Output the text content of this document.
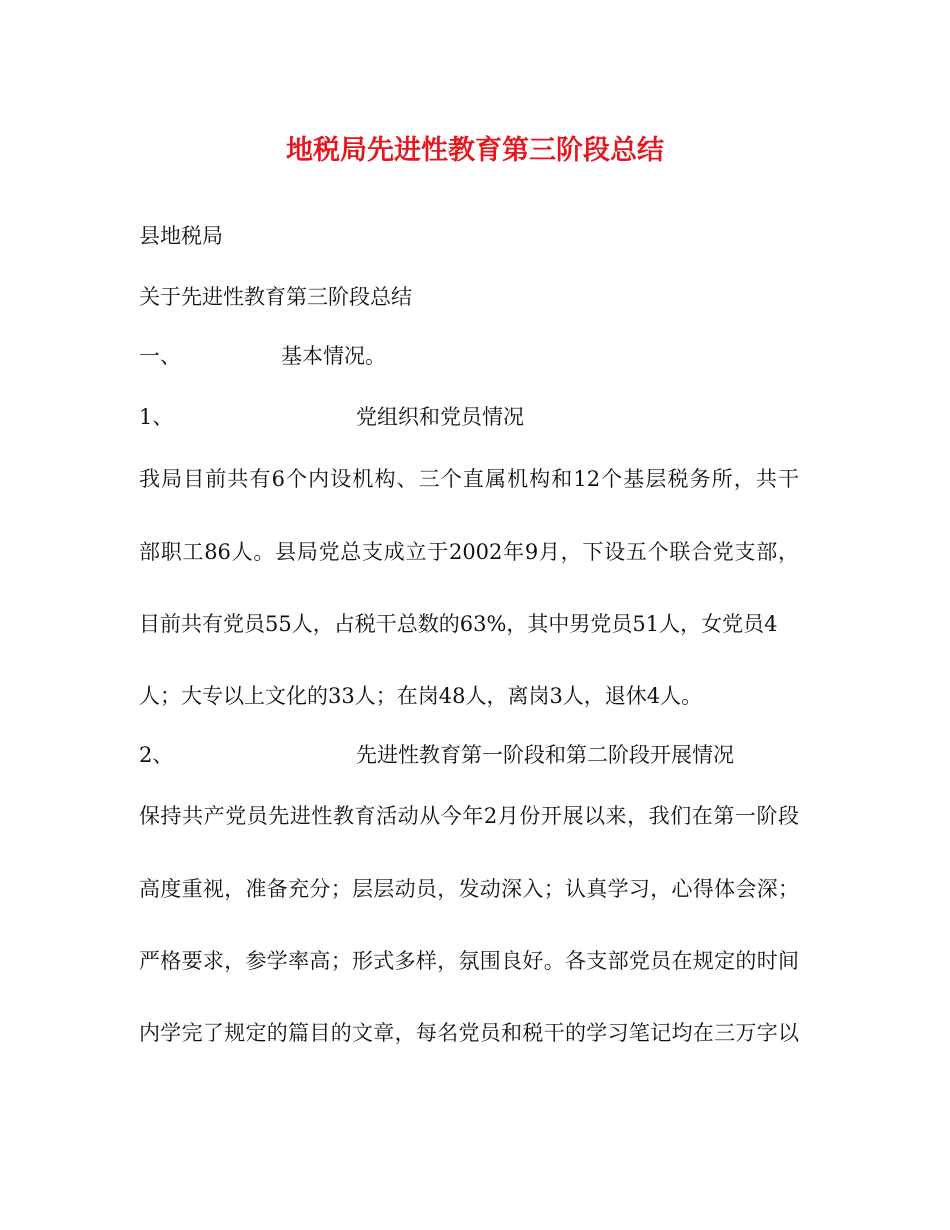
地税局先进性教育第三阶段总结
县地税局
关于先进性教育第三阶段总结
一、	基本情况。
1、	党组织和党员情况
我局目前共有6个内设机构、三个直属机构和12个基层税务所，共干
部职工86人。县局党总支成立于2002年9月，下设五个联合党支部，
目前共有党员55人，占税干总数的63%，其中男党员51人，女党员4
人；大专以上文化的33人；在岗48人，离岗3人，退休4人。
2、	先进性教育第一阶段和第二阶段开展情况
保持共产党员先进性教育活动从今年2月份开展以来，我们在第一阶段
高度重视，准备充分；层层动员，发动深入；认真学习，心得体会深；
严格要求，参学率高；形式多样，氛围良好。各支部党员在规定的时间
内学完了规定的篇目的文章，每名党员和税干的学习笔记均在三万字以
